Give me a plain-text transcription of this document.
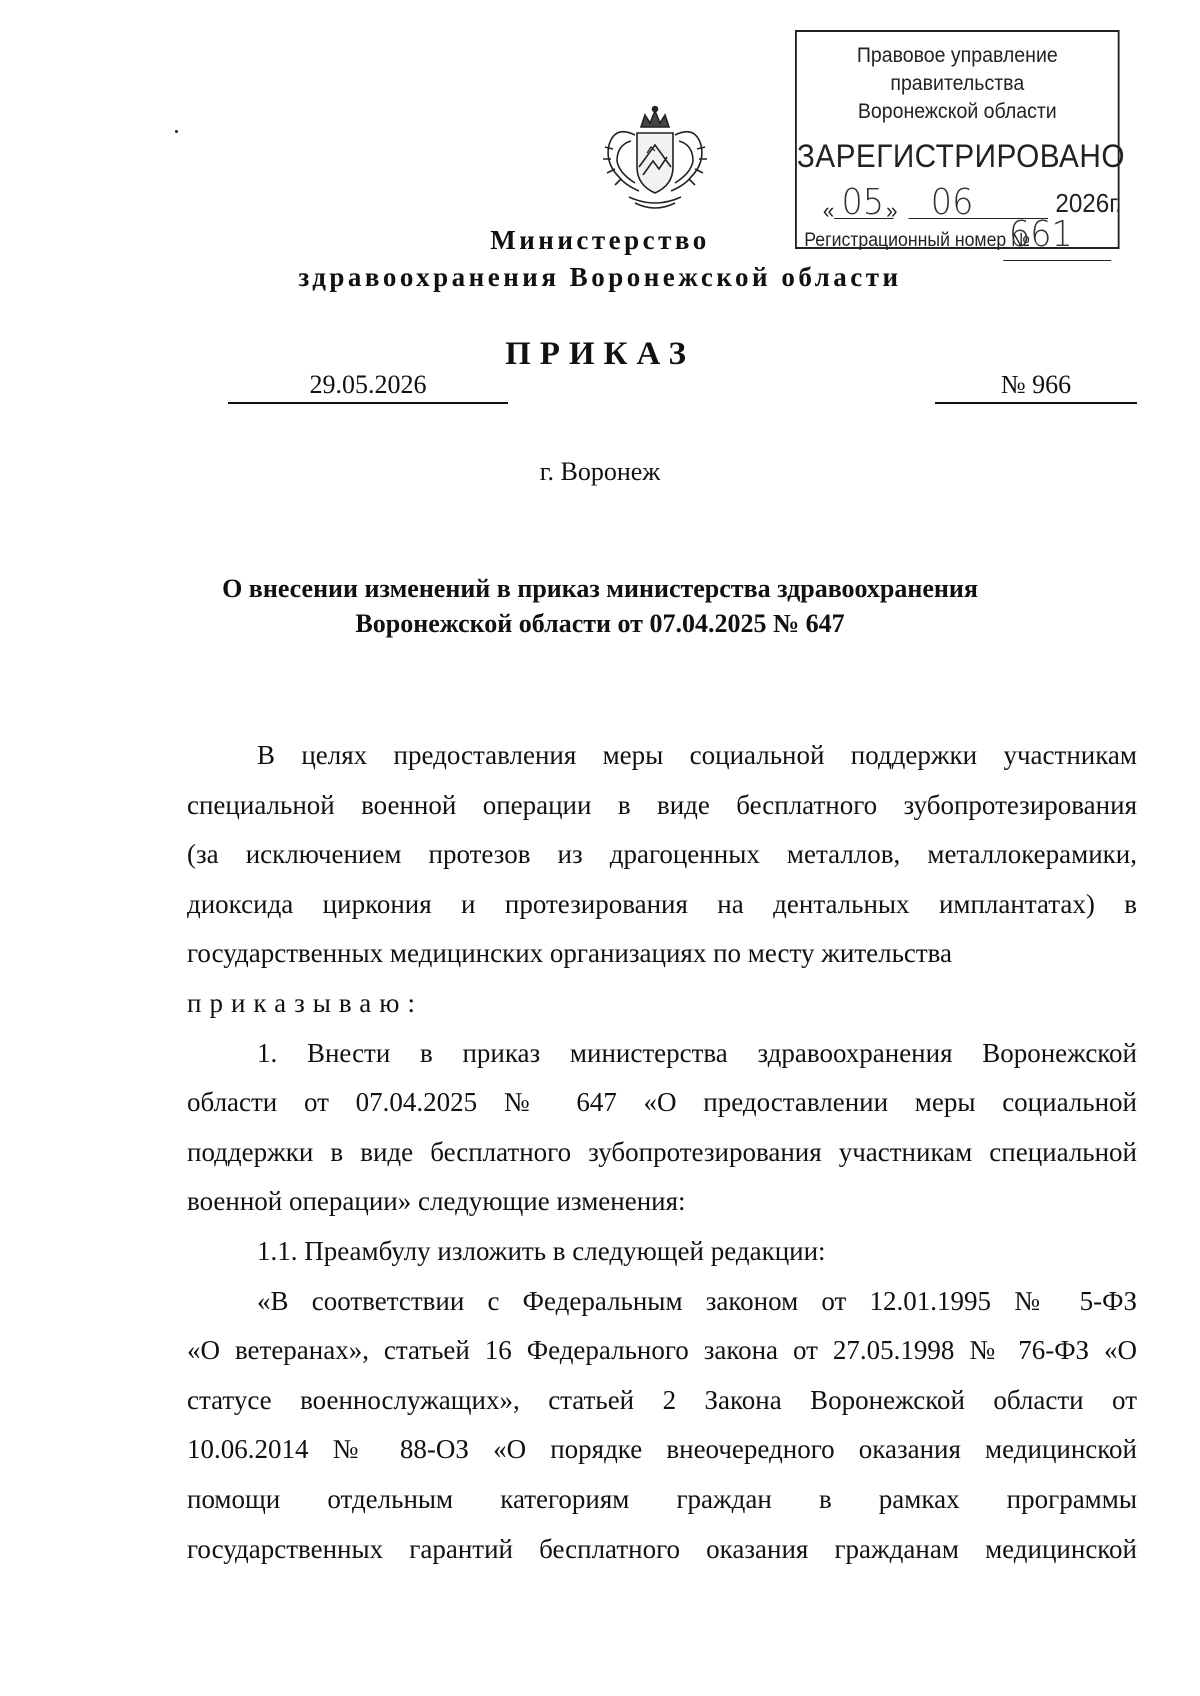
Правовое управление правительства
Воронежской области
ЗАРЕГИСТРИРОВАНО
« 05 » 06	2026г.
Регистрационный номер №
661
Министерство
здравоохранения Воронежской области
ПРИКАЗ
29.05.2026	№ 966
г. Воронеж
О внесении изменений в приказ министерства здравоохранения
Воронежской области от 07.04.2025 № 647

В целях предоставления меры социальной поддержки участникам

специальной военной операции в виде бесплатного зубопротезирования

(за исключением протезов из драгоценных металлов, металлокерамики,

диоксида циркония и протезирования на дентальных имплантатах) в

государственных медицинских организациях по месту жительства

приказываю:

1. Внести в приказ министерства здравоохранения Воронежской

области от 07.04.2025 № 647 «О предоставлении меры социальной

поддержки в виде бесплатного зубопротезирования участникам специальной

военной операции» следующие изменения:

1.1. Преамбулу изложить в следующей редакции:

«В соответствии с Федеральным законом от 12.01.1995 № 5-ФЗ

«О ветеранах», статьей 16 Федерального закона от 27.05.1998 № 76-ФЗ «О

статусе военнослужащих», статьей 2 Закона Воронежской области от

10.06.2014 № 88-ОЗ «О порядке внеочередного оказания медицинской

помощи отдельным категориям граждан в рамках программы

государственных гарантий бесплатного оказания гражданам медицинской
